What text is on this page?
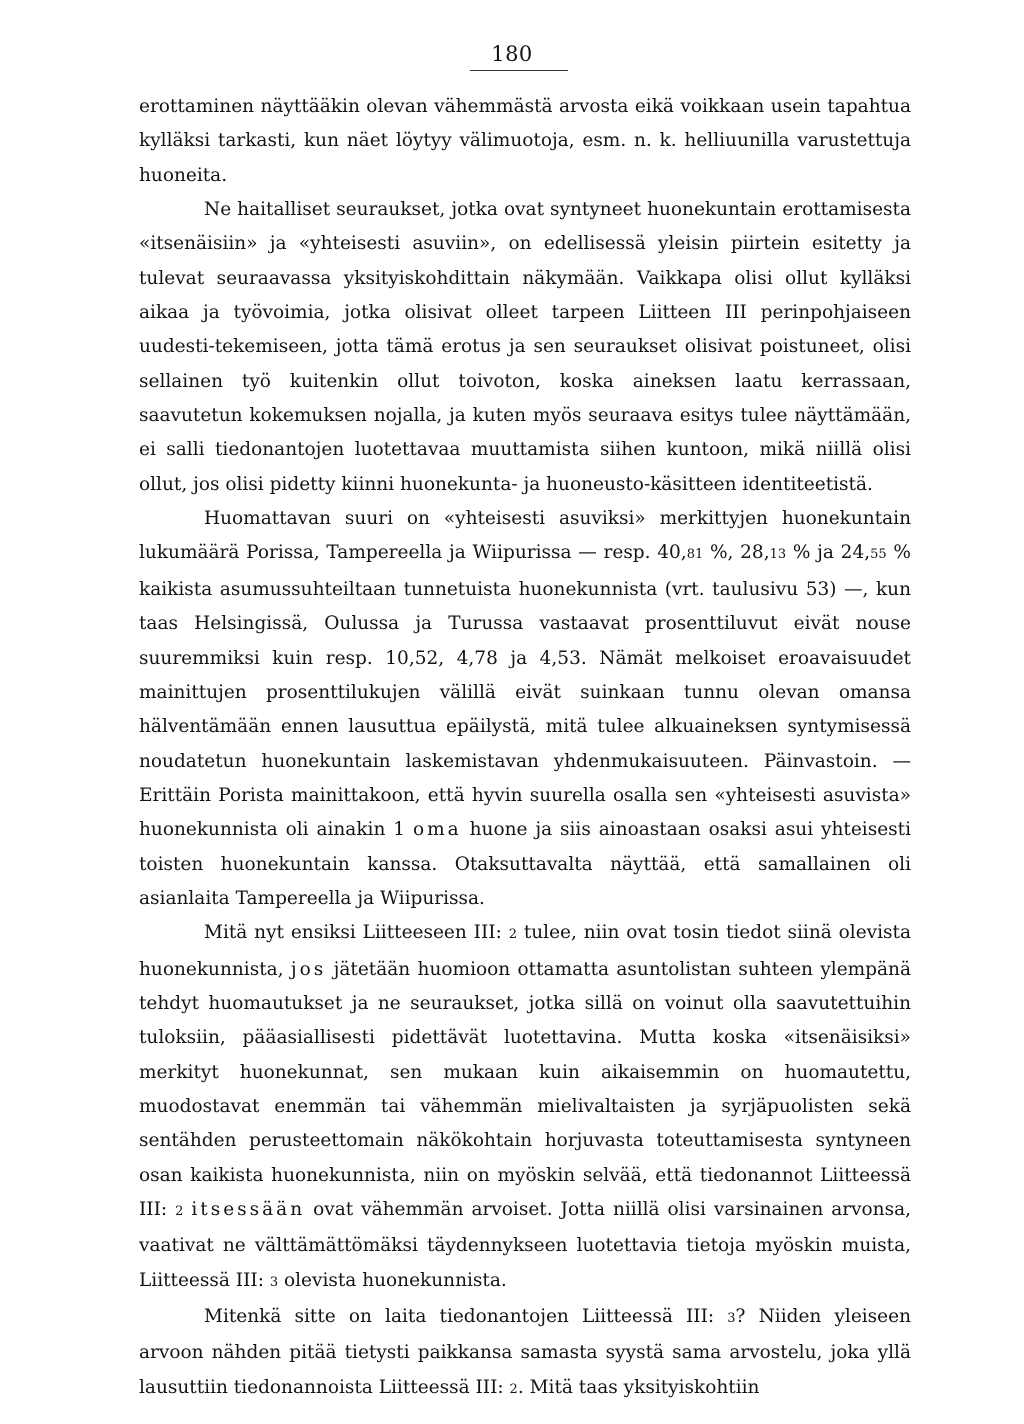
180

erottaminen näyttääkin olevan vähemmästä arvosta eikä voikkaan usein tapahtua kylläksi tarkasti, kun näet löytyy välimuotoja, esm. n. k. helliuunilla varustettuja huoneita.

Ne haitalliset seuraukset, jotka ovat syntyneet huonekuntain erottamisesta «itsenäisiin» ja «yhteisesti asuviin», on edellisessä yleisin piirtein esitetty ja tulevat seuraavassa yksityiskohdittain näkymään. Vaikkapa olisi ollut kylläksi aikaa ja työvoimia, jotka olisivat olleet tarpeen Liitteen III perinpohjaiseen uudesti-tekemiseen, jotta tämä erotus ja sen seuraukset olisivat poistuneet, olisi sellainen työ kuitenkin ollut toivoton, koska aineksen laatu kerrassaan, saavutetun kokemuksen nojalla, ja kuten myös seuraava esitys tulee näyttämään, ei salli tiedonantojen luotettavaa muuttamista siihen kuntoon, mikä niillä olisi ollut, jos olisi pidetty kiinni huonekunta- ja huoneusto-käsitteen identiteetistä.

Huomattavan suuri on «yhteisesti asuviksi» merkittyjen huonekuntain lukumäärä Porissa, Tampereella ja Wiipurissa — resp. 40,81 %, 28,13 % ja 24,55 % kaikista asumussuhteiltaan tunnetuista huonekunnista (vrt. taulusivu 53) —, kun taas Helsingissä, Oulussa ja Turussa vastaavat prosenttiluvut eivät nouse suuremmiksi kuin resp. 10,52, 4,78 ja 4,53. Nämät melkoiset eroavaisuudet mainittujen prosenttilukujen välillä eivät suinkaan tunnu olevan omansa hälventämään ennen lausuttua epäilystä, mitä tulee alkuaineksen syntymisessä noudatetun huonekuntain laskemistavan yhdenmukaisuuteen. Päinvastoin. — Erittäin Porista mainittakoon, että hyvin suurella osalla sen «yhteisesti asuvista» huonekunnista oli ainakin 1 oma huone ja siis ainoastaan osaksi asui yhteisesti toisten huonekuntain kanssa. Otaksuttavalta näyttää, että samallainen oli asianlaita Tampereella ja Wiipurissa.

Mitä nyt ensiksi Liitteeseen III: 2 tulee, niin ovat tosin tiedot siinä olevista huonekunnista, jos jätetään huomioon ottamatta asuntolistan suhteen ylempänä tehdyt huomautukset ja ne seuraukset, jotka sillä on voinut olla saavutettuihin tuloksiin, pääasiallisesti pidettävät luotettavina. Mutta koska «itsenäisiksi» merkityt huonekunnat, sen mukaan kuin aikaisemmin on huomautettu, muodostavat enemmän tai vähemmän mielivaltaisten ja syrjäpuolisten sekä sentähden perusteettomain näkökohtain horjuvasta toteuttamisesta syntyneen osan kaikista huonekunnista, niin on myöskin selvää, että tiedonannot Liitteessä III: 2 itsessään ovat vähemmän arvoiset. Jotta niillä olisi varsinainen arvonsa, vaativat ne välttämättömäksi täydennykseen luotettavia tietoja myöskin muista, Liitteessä III: 3 olevista huonekunnista.

Mitenkä sitte on laita tiedonantojen Liitteessä III: 3? Niiden yleiseen arvoon nähden pitää tietysti paikkansa samasta syystä sama arvostelu, joka yllä lausuttiin tiedonannoista Liitteessä III: 2. Mitä taas yksityiskohtiin
